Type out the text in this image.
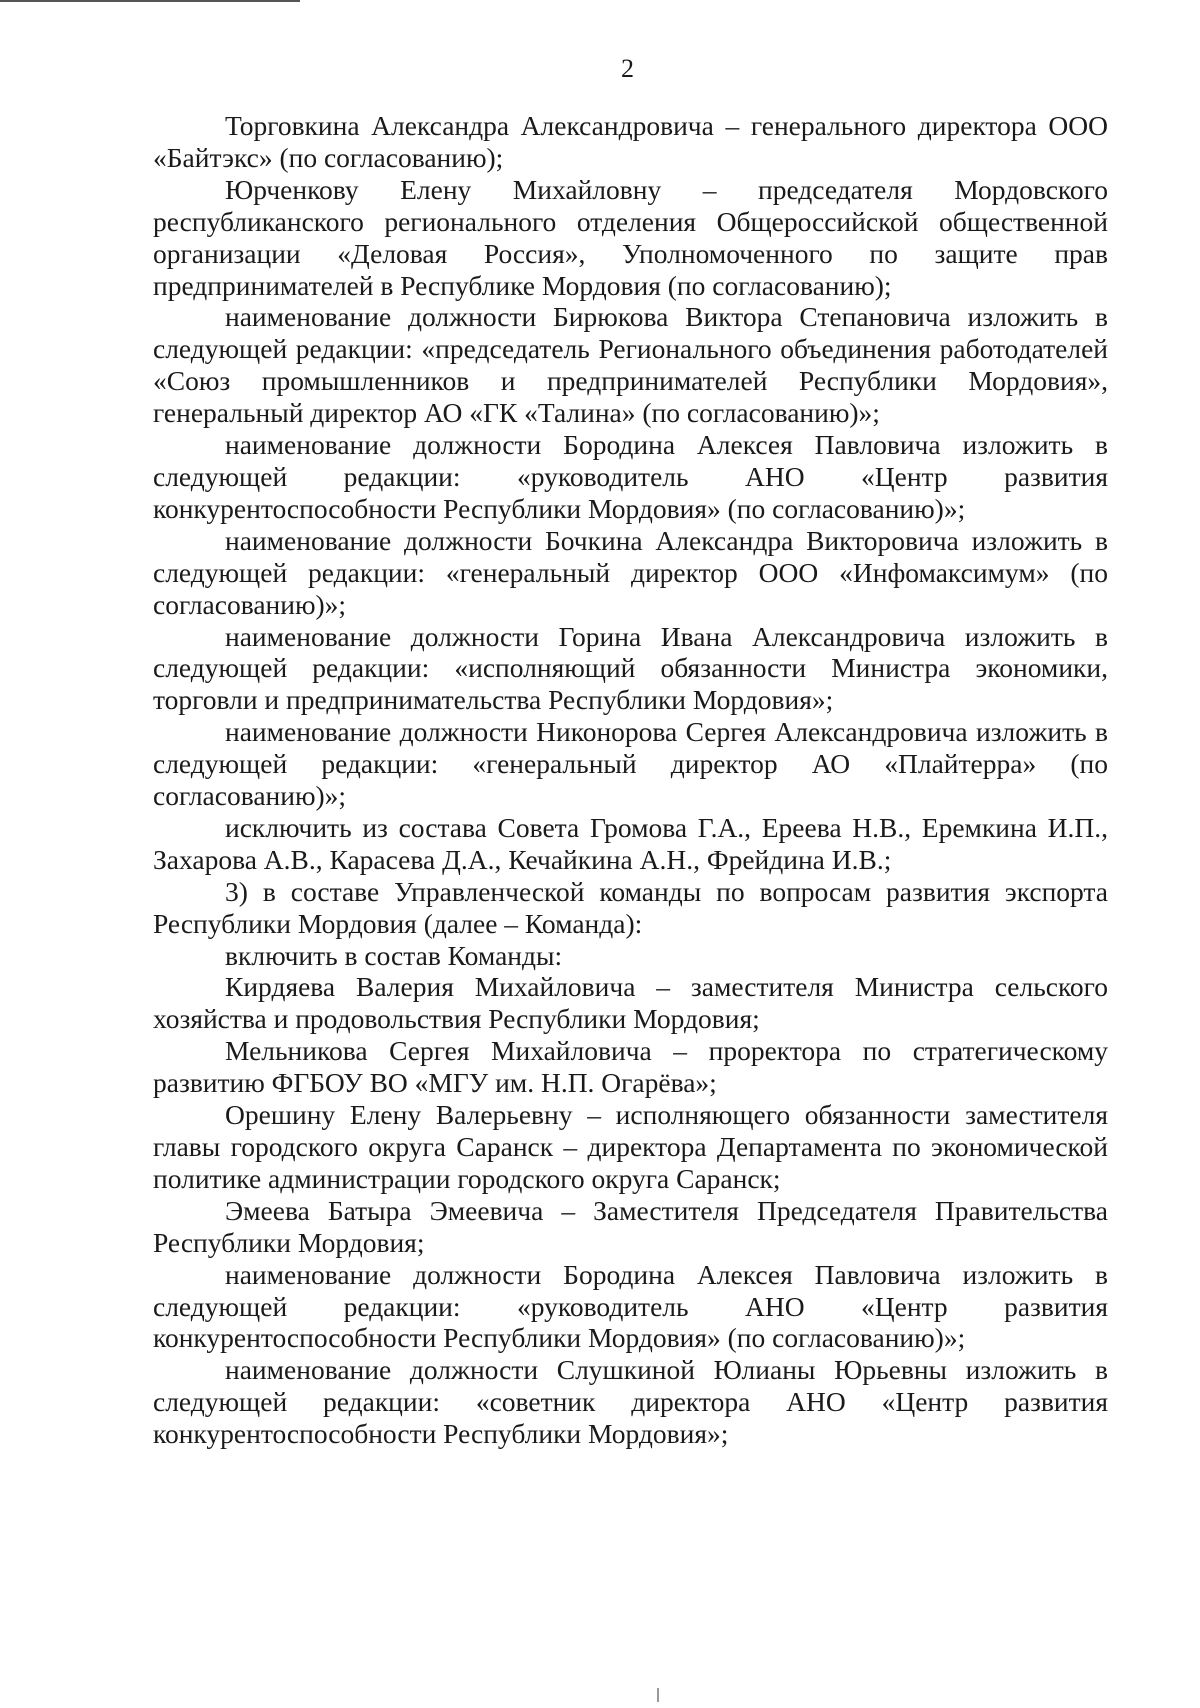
2

Торговкина Александра Александровича – генерального директора ООО «Байтэкс» (по согласованию);

Юрченкову Елену Михайловну – председателя Мордовского республиканского регионального отделения Общероссийской общественной организации «Деловая Россия», Уполномоченного по защите прав предпринимателей в Республике Мордовия (по согласованию);

наименование должности Бирюкова Виктора Степановича изложить в следующей редакции: «председатель Регионального объединения работодателей «Союз промышленников и предпринимателей Республики Мордовия», генеральный директор АО «ГК «Талина» (по согласованию)»;

наименование должности Бородина Алексея Павловича изложить в следующей редакции: «руководитель АНО «Центр развития конкурентоспособности Республики Мордовия» (по согласованию)»;

наименование должности Бочкина Александра Викторовича изложить в следующей редакции: «генеральный директор ООО «Инфомаксимум» (по согласованию)»;

наименование должности Горина Ивана Александровича изложить в следующей редакции: «исполняющий обязанности Министра экономики, торговли и предпринимательства Республики Мордовия»;

наименование должности Никонорова Сергея Александровича изложить в следующей редакции: «генеральный директор АО «Плайтерра» (по согласованию)»;

исключить из состава Совета Громова Г.А., Ереева Н.В., Еремкина И.П., Захарова А.В., Карасева Д.А., Кечайкина А.Н., Фрейдина И.В.;

3) в составе Управленческой команды по вопросам развития экспорта Республики Мордовия (далее – Команда):

включить в состав Команды:

Кирдяева Валерия Михайловича – заместителя Министра сельского хозяйства и продовольствия Республики Мордовия;

Мельникова Сергея Михайловича – проректора по стратегическому развитию ФГБОУ ВО «МГУ им. Н.П. Огарёва»;

Орешину Елену Валерьевну – исполняющего обязанности заместителя главы городского округа Саранск – директора Департамента по экономической политике администрации городского округа Саранск;

Эмеева Батыра Эмеевича – Заместителя Председателя Правительства Республики Мордовия;

наименование должности Бородина Алексея Павловича изложить в следующей редакции: «руководитель АНО «Центр развития конкурентоспособности Республики Мордовия» (по согласованию)»;

наименование должности Слушкиной Юлианы Юрьевны изложить в следующей редакции: «советник директора АНО «Центр развития конкурентоспособности Республики Мордовия»;
